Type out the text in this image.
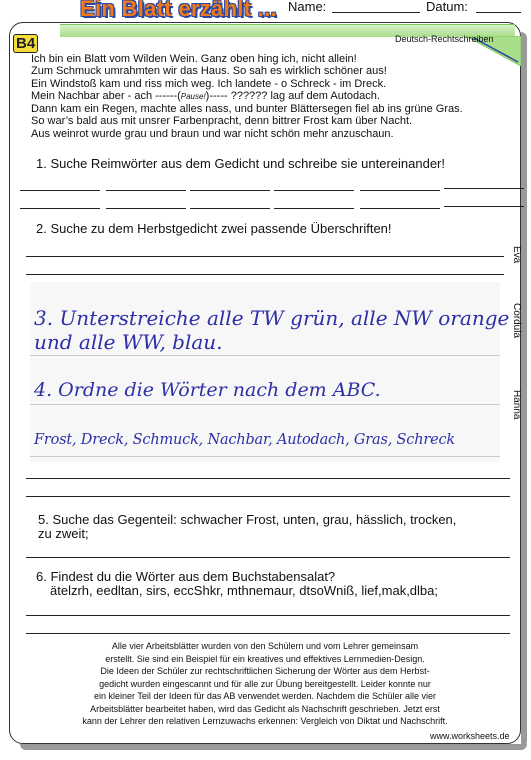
Ein Blatt erzählt ... Name:	Datum:
B4	Deutsch-Rechtschreiben
Ich bin ein Blatt vom Wilden Wein. Ganz oben hing ich, nicht allein!
Zum Schmuck umrahmten wir das Haus. So sah es wirklich schöner aus!
Ein Windstoß kam und riss mich weg. Ich landete - o Schreck - im Dreck.
Mein Nachbar aber - ach ------(Pause!)----- ?????? lag auf dem Autodach.
Dann kam ein Regen, machte alles nass, und bunter Blättersegen fiel ab ins grüne Gras.
So war’s bald aus mit unsrer Farbenpracht, denn bittrer Frost kam über Nacht.
Aus weinrot wurde grau und braun und war nicht schön mehr anzuschaun.
1. Suche Reimwörter aus dem Gedicht und schreibe sie untereinander!
2. Suche zu dem Herbstgedicht zwei passende Überschriften!
Eva
Cordula
Hanna
3. Unterstreiche alle TW grün, alle NW orange
und alle WW, blau.
4. Ordne die Wörter nach dem ABC.
Frost, Dreck, Schmuck, Nachbar, Autodach, Gras, Schreck
5. Suche das Gegenteil: schwacher Frost, unten, grau, hässlich, trocken,
zu zweit;
6. Findest du die Wörter aus dem Buchstabensalat?
ätelzrh, eedltan, sirs, eccShkr, mthnemaur, dtsoWniß, lief,mak,dlba;
Alle vier Arbeitsblätter wurden von den Schülern und vom Lehrer gemeinsam
erstellt. Sie sind ein Beispiel für ein kreatives und effektives Lernmedien-Design.
Die Ideen der Schüler zur rechtschriftlichen Sicherung der Wörter aus dem Herbst-
gedicht wurden eingescannt und für alle zur Übung bereitgestellt. Leider konnte nur
ein kleiner Teil der Ideen für das AB verwendet werden. Nachdem die Schüler alle vier
Arbeitsblätter bearbeitet haben, wird das Gedicht als Nachschrift geschrieben. Jetzt erst
kann der Lehrer den relativen Lernzuwachs erkennen: Vergleich von Diktat und Nachschrift.
www.worksheets.de
